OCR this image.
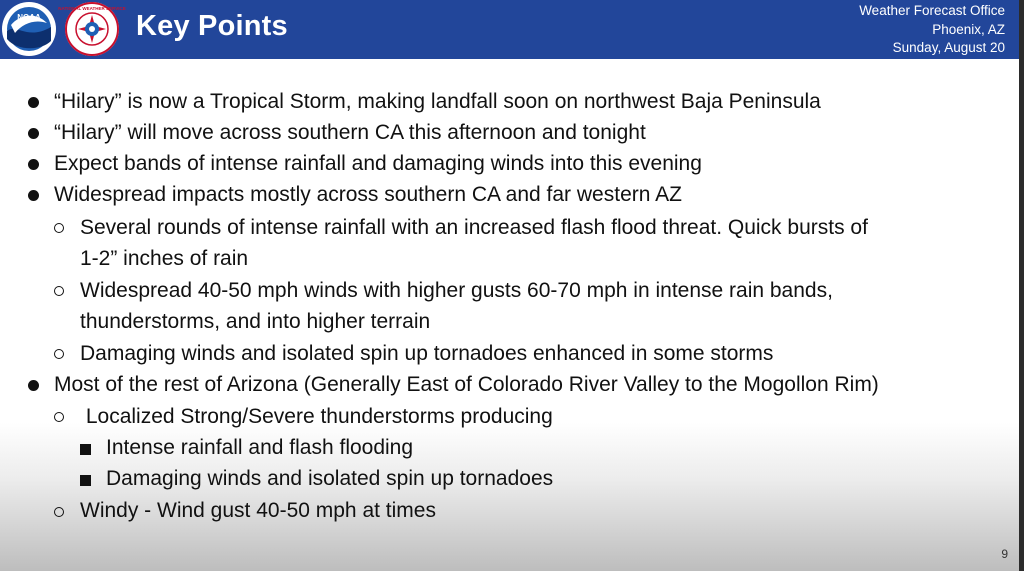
NOAA
NATIONAL WEATHER SERVICE
Key Points	Weather Forecast Office
Phoenix, AZ
Sunday, August 20
“Hilary” is now a Tropical Storm, making landfall soon on northwest Baja Peninsula
“Hilary” will move across southern CA this afternoon and tonight
Expect bands of intense rainfall and damaging winds into this evening
Widespread impacts mostly across southern CA and far western AZ
Several rounds of intense rainfall with an increased flash flood threat. Quick bursts of
1-2” inches of rain
Widespread 40-50 mph winds with higher gusts 60-70 mph in intense rain bands,
thunderstorms, and into higher terrain
Damaging winds and isolated spin up tornadoes enhanced in some storms
Most of the rest of Arizona (Generally East of Colorado River Valley to the Mogollon Rim)
Localized Strong/Severe thunderstorms producing
Intense rainfall and flash flooding
Damaging winds and isolated spin up tornadoes
Windy - Wind gust 40-50 mph at times
9
